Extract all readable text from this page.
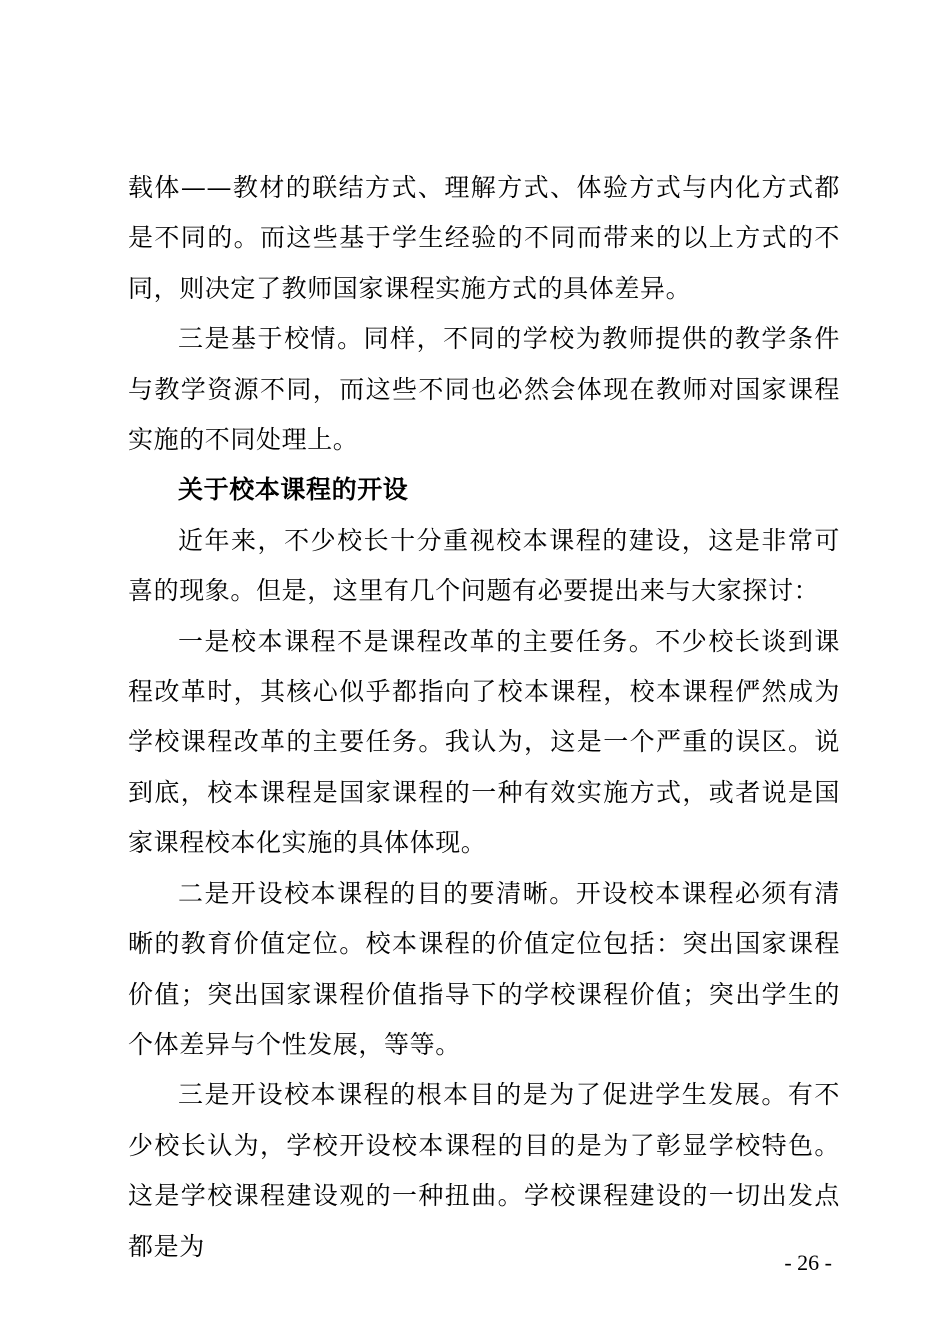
载体——教材的联结方式、理解方式、体验方式与内化方式都是不同的。而这些基于学生经验的不同而带来的以上方式的不同，则决定了教师国家课程实施方式的具体差异。

三是基于校情。同样，不同的学校为教师提供的教学条件与教学资源不同，而这些不同也必然会体现在教师对国家课程实施的不同处理上。

关于校本课程的开设

近年来，不少校长十分重视校本课程的建设，这是非常可喜的现象。但是，这里有几个问题有必要提出来与大家探讨：

一是校本课程不是课程改革的主要任务。不少校长谈到课程改革时，其核心似乎都指向了校本课程，校本课程俨然成为学校课程改革的主要任务。我认为，这是一个严重的误区。说到底，校本课程是国家课程的一种有效实施方式，或者说是国家课程校本化实施的具体体现。

二是开设校本课程的目的要清晰。开设校本课程必须有清晰的教育价值定位。校本课程的价值定位包括：突出国家课程价值；突出国家课程价值指导下的学校课程价值；突出学生的个体差异与个性发展，等等。

三是开设校本课程的根本目的是为了促进学生发展。有不少校长认为，学校开设校本课程的目的是为了彰显学校特色。这是学校课程建设观的一种扭曲。学校课程建设的一切出发点都是为

- 26 -
